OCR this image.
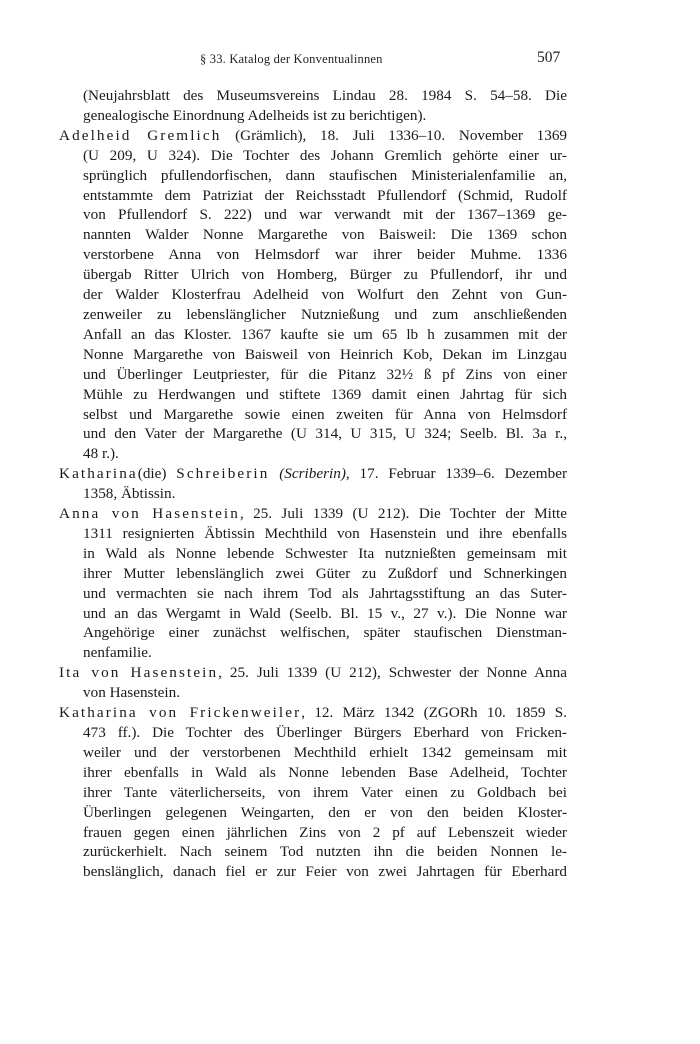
§ 33. Katalog der Konventualinnen	507
(Neujahrsblatt des Museumsvereins Lindau 28. 1984 S. 54–58. Die
genealogische Einordnung Adelheids ist zu berichtigen).
Adelheid Gremlich (Grämlich), 18. Juli 1336–10. November 1369
(U 209, U 324). Die Tochter des Johann Gremlich gehörte einer ur-
sprünglich pfullendorfischen, dann staufischen Ministerialenfamilie an,
entstammte dem Patriziat der Reichsstadt Pfullendorf (Schmid, Rudolf
von Pfullendorf S. 222) und war verwandt mit der 1367–1369 ge-
nannten Walder Nonne Margarethe von Baisweil: Die 1369 schon
verstorbene Anna von Helmsdorf war ihrer beider Muhme. 1336
übergab Ritter Ulrich von Homberg, Bürger zu Pfullendorf, ihr und
der Walder Klosterfrau Adelheid von Wolfurt den Zehnt von Gun-
zenweiler zu lebenslänglicher Nutznießung und zum anschließenden
Anfall an das Kloster. 1367 kaufte sie um 65 lb h zusammen mit der
Nonne Margarethe von Baisweil von Heinrich Kob, Dekan im Linzgau
und Überlinger Leutpriester, für die Pitanz 32½ ß pf Zins von einer
Mühle zu Herdwangen und stiftete 1369 damit einen Jahrtag für sich
selbst und Margarethe sowie einen zweiten für Anna von Helmsdorf
und den Vater der Margarethe (U 314, U 315, U 324; Seelb. Bl. 3a r.,
48 r.).
Katharina(die) Schreiberin (Scriberin), 17. Februar 1339–6. Dezember
1358, Äbtissin.
Anna von Hasenstein, 25. Juli 1339 (U 212). Die Tochter der Mitte
1311 resignierten Äbtissin Mechthild von Hasenstein und ihre ebenfalls
in Wald als Nonne lebende Schwester Ita nutznießten gemeinsam mit
ihrer Mutter lebenslänglich zwei Güter zu Zußdorf und Schnerkingen
und vermachten sie nach ihrem Tod als Jahrtagsstiftung an das Suter-
und an das Wergamt in Wald (Seelb. Bl. 15 v., 27 v.). Die Nonne war
Angehörige einer zunächst welfischen, später staufischen Dienstman-
nenfamilie.
Ita von Hasenstein, 25. Juli 1339 (U 212), Schwester der Nonne Anna
von Hasenstein.
Katharina von Frickenweiler, 12. März 1342 (ZGORh 10. 1859 S.
473 ff.). Die Tochter des Überlinger Bürgers Eberhard von Fricken-
weiler und der verstorbenen Mechthild erhielt 1342 gemeinsam mit
ihrer ebenfalls in Wald als Nonne lebenden Base Adelheid, Tochter
ihrer Tante väterlicherseits, von ihrem Vater einen zu Goldbach bei
Überlingen gelegenen Weingarten, den er von den beiden Kloster-
frauen gegen einen jährlichen Zins von 2 pf auf Lebenszeit wieder
zurückerhielt. Nach seinem Tod nutzten ihn die beiden Nonnen le-
benslänglich, danach fiel er zur Feier von zwei Jahrtagen für Eberhard
